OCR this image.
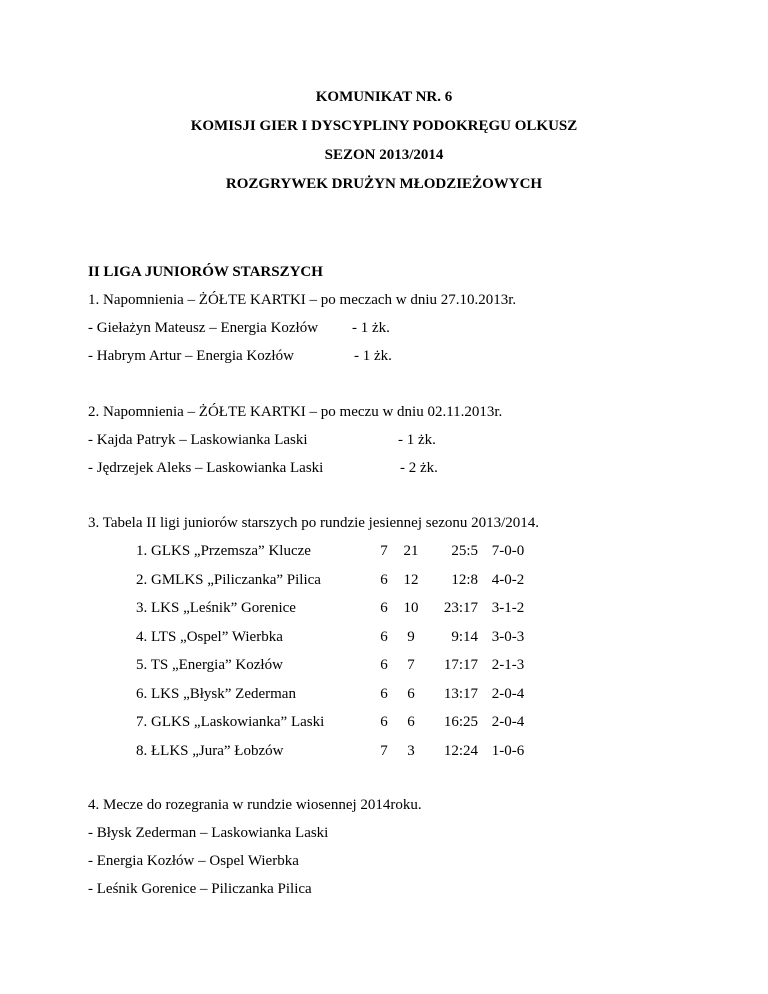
KOMUNIKAT NR. 6
KOMISJI GIER I DYSCYPLINY PODOKRĘGU OLKUSZ
SEZON 2013/2014
ROZGRYWEK DRUŻYN MŁODZIEŻOWYCH
II LIGA JUNIORÓW STARSZYCH
1. Napomnienia – ŻÓŁTE KARTKI – po meczach w dniu 27.10.2013r.
- Giełażyn Mateusz – Energia Kozłów - 1 żk.
- Habrym Artur – Energia Kozłów	- 1 żk.
2. Napomnienia – ŻÓŁTE KARTKI – po meczu w dniu 02.11.2013r.
- Kajda Patryk – Laskowianka Laski	- 1 żk.
- Jędrzejek Aleks – Laskowianka Laski	- 2 żk.
3. Tabela II ligi juniorów starszych po rundzie jesiennej sezonu 2013/2014.
1. GLKS „Przemsza” Klucze	7 21	25:5 7-0-0
2. GMLKS „Piliczanka” Pilica	6 12	12:8 4-0-2
3. LKS „Leśnik” Gorenice	6 10	23:17 3-1-2
4. LTS „Ospel” Wierbka	6	9	9:14 3-0-3
5. TS „Energia” Kozłów	6	7	17:17 2-1-3
6. LKS „Błysk” Zederman	6	6	13:17 2-0-4
7. GLKS „Laskowianka” Laski	6	6	16:25 2-0-4
8. ŁLKS „Jura” Łobzów	7	3	12:24 1-0-6
4. Mecze do rozegrania w rundzie wiosennej 2014roku.
- Błysk Zederman – Laskowianka Laski
- Energia Kozłów – Ospel Wierbka
- Leśnik Gorenice – Piliczanka Pilica
